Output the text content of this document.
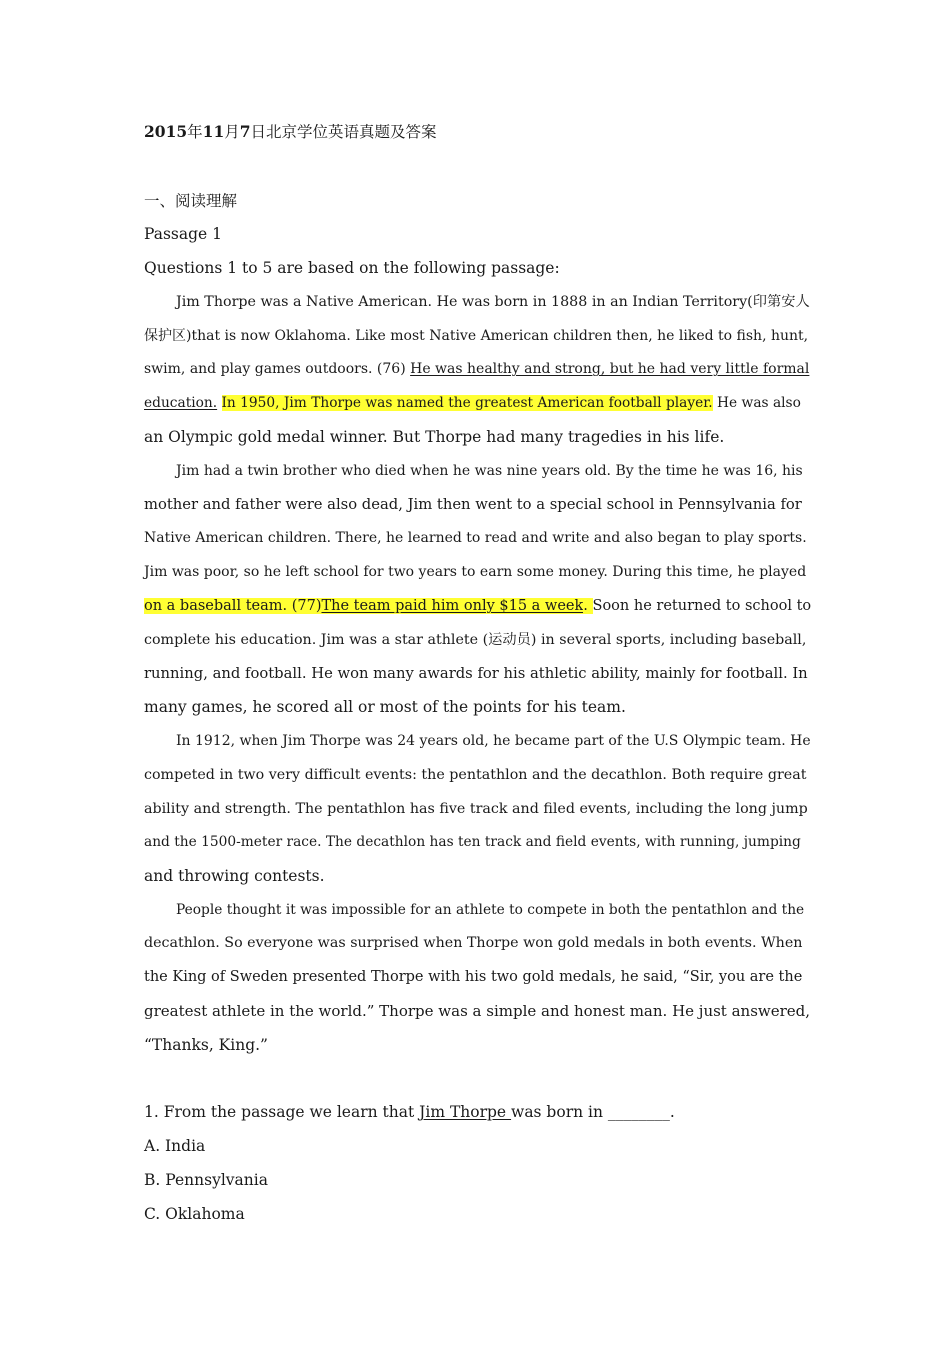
2015年11月7日北京学位英语真题及答案
一、阅读理解
Passage 1
Questions 1 to 5 are based on the following passage:
Jim Thorpe was a Native American. He was born in 1888 in an Indian Territory(印第安人
保护区)that is now Oklahoma. Like most Native American children then, he liked to fish, hunt,
swim, and play games outdoors. (76) He was healthy and strong, but he had very little formal
education. In 1950, Jim Thorpe was named the greatest American football player. He was also
an Olympic gold medal winner. But Thorpe had many tragedies in his life.
Jim had a twin brother who died when he was nine years old. By the time he was 16, his
mother and father were also dead, Jim then went to a special school in Pennsylvania for
Native American children. There, he learned to read and write and also began to play sports.
Jim was poor, so he left school for two years to earn some money. During this time, he played
on a baseball team. (77)The team paid him only $15 a week. Soon he returned to school to
complete his education. Jim was a star athlete (运动员) in several sports, including baseball,
running, and football. He won many awards for his athletic ability, mainly for football. In
many games, he scored all or most of the points for his team.
In 1912, when Jim Thorpe was 24 years old, he became part of the U.S Olympic team. He
competed in two very difficult events: the pentathlon and the decathlon. Both require great
ability and strength. The pentathlon has five track and filed events, including the long jump
and the 1500-meter race. The decathlon has ten track and field events, with running, jumping
and throwing contests.
People thought it was impossible for an athlete to compete in both the pentathlon and the
decathlon. So everyone was surprised when Thorpe won gold medals in both events. When
the King of Sweden presented Thorpe with his two gold medals, he said, “Sir, you are the
greatest athlete in the world.” Thorpe was a simple and honest man. He just answered,
“Thanks, King.”
1. From the passage we learn that Jim Thorpe was born in ________.
A. India
B. Pennsylvania
C. Oklahoma
